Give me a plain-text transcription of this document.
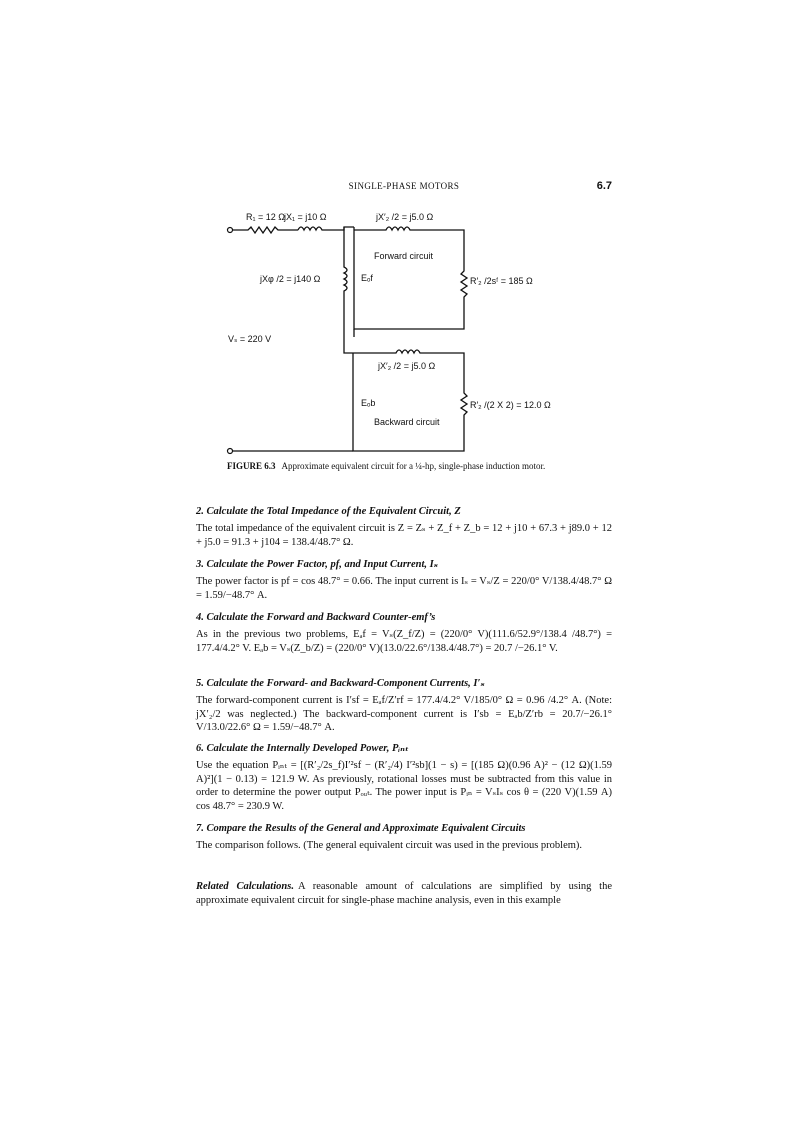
SINGLE-PHASE MOTORS	6.7
R₁ = 12 Ω
jX₁ = j10 Ω	jX′₂ /2 = j5.0 Ω
Forward circuit
jXφ /2 = j140 Ω	Eₒf	R′₂ /2sᶠ = 185 Ω
Vₛ = 220 V
jX′₂ /2 = j5.0 Ω
Eₒb	R′₂ /(2 X 2) = 12.0 Ω
Backward circuit
FIGURE 6.3 Approximate equivalent circuit for a ¼-hp, single-phase induction motor.

2. Calculate the Total Impedance of the Equivalent Circuit, Z

The total impedance of the equivalent circuit is Z = Zₛ + Z_f + Z_b = 12 + j10 + 67.3 + j89.0 + 12 + j5.0 = 91.3 + j104 = 138.4/48.7° Ω.

3. Calculate the Power Factor, pf, and Input Current, Iₛ

The power factor is pf = cos 48.7° = 0.66. The input current is Iₛ = Vₛ/Z = 220/0° V/138.4/48.7° Ω = 1.59/−48.7° A.

4. Calculate the Forward and Backward Counter-emf’s

As in the previous two problems, Eₐf = Vₛ(Z_f/Z) = (220/0° V)(111.6/52.9°/138.4 /48.7°) = 177.4/4.2° V. Eₐb = Vₛ(Z_b/Z) = (220/0° V)(13.0/22.6°/138.4/48.7°) = 20.7 /−26.1° V.

5. Calculate the Forward- and Backward-Component Currents, I′ₛ

The forward-component current is I′sf = Eₐf/Z′rf = 177.4/4.2° V/185/0° Ω = 0.96 /4.2° A. (Note: jX′₂/2 was neglected.) The backward-component current is I′sb = Eₐb/Z′rb = 20.7/−26.1° V/13.0/22.6° Ω = 1.59/−48.7° A.

6. Calculate the Internally Developed Power, Pᵢₙₜ

Use the equation Pᵢₙₜ = [(R′₂/2s_f)I′²sf − (R′₂/4) I′²sb](1 − s) = [(185 Ω)(0.96 A)² − (12 Ω)(1.59 A)²](1 − 0.13) = 121.9 W. As previously, rotational losses must be subtracted from this value in order to determine the power output Pₒᵤₜ. The power input is Pᵢₙ = VₛIₛ cos θ = (220 V)(1.59 A) cos 48.7° = 230.9 W.

7. Compare the Results of the General and Approximate Equivalent Circuits

The comparison follows. (The general equivalent circuit was used in the previous problem).

Related Calculations. A reasonable amount of calculations are simplified by using the approximate equivalent circuit for single-phase machine analysis, even in this example
